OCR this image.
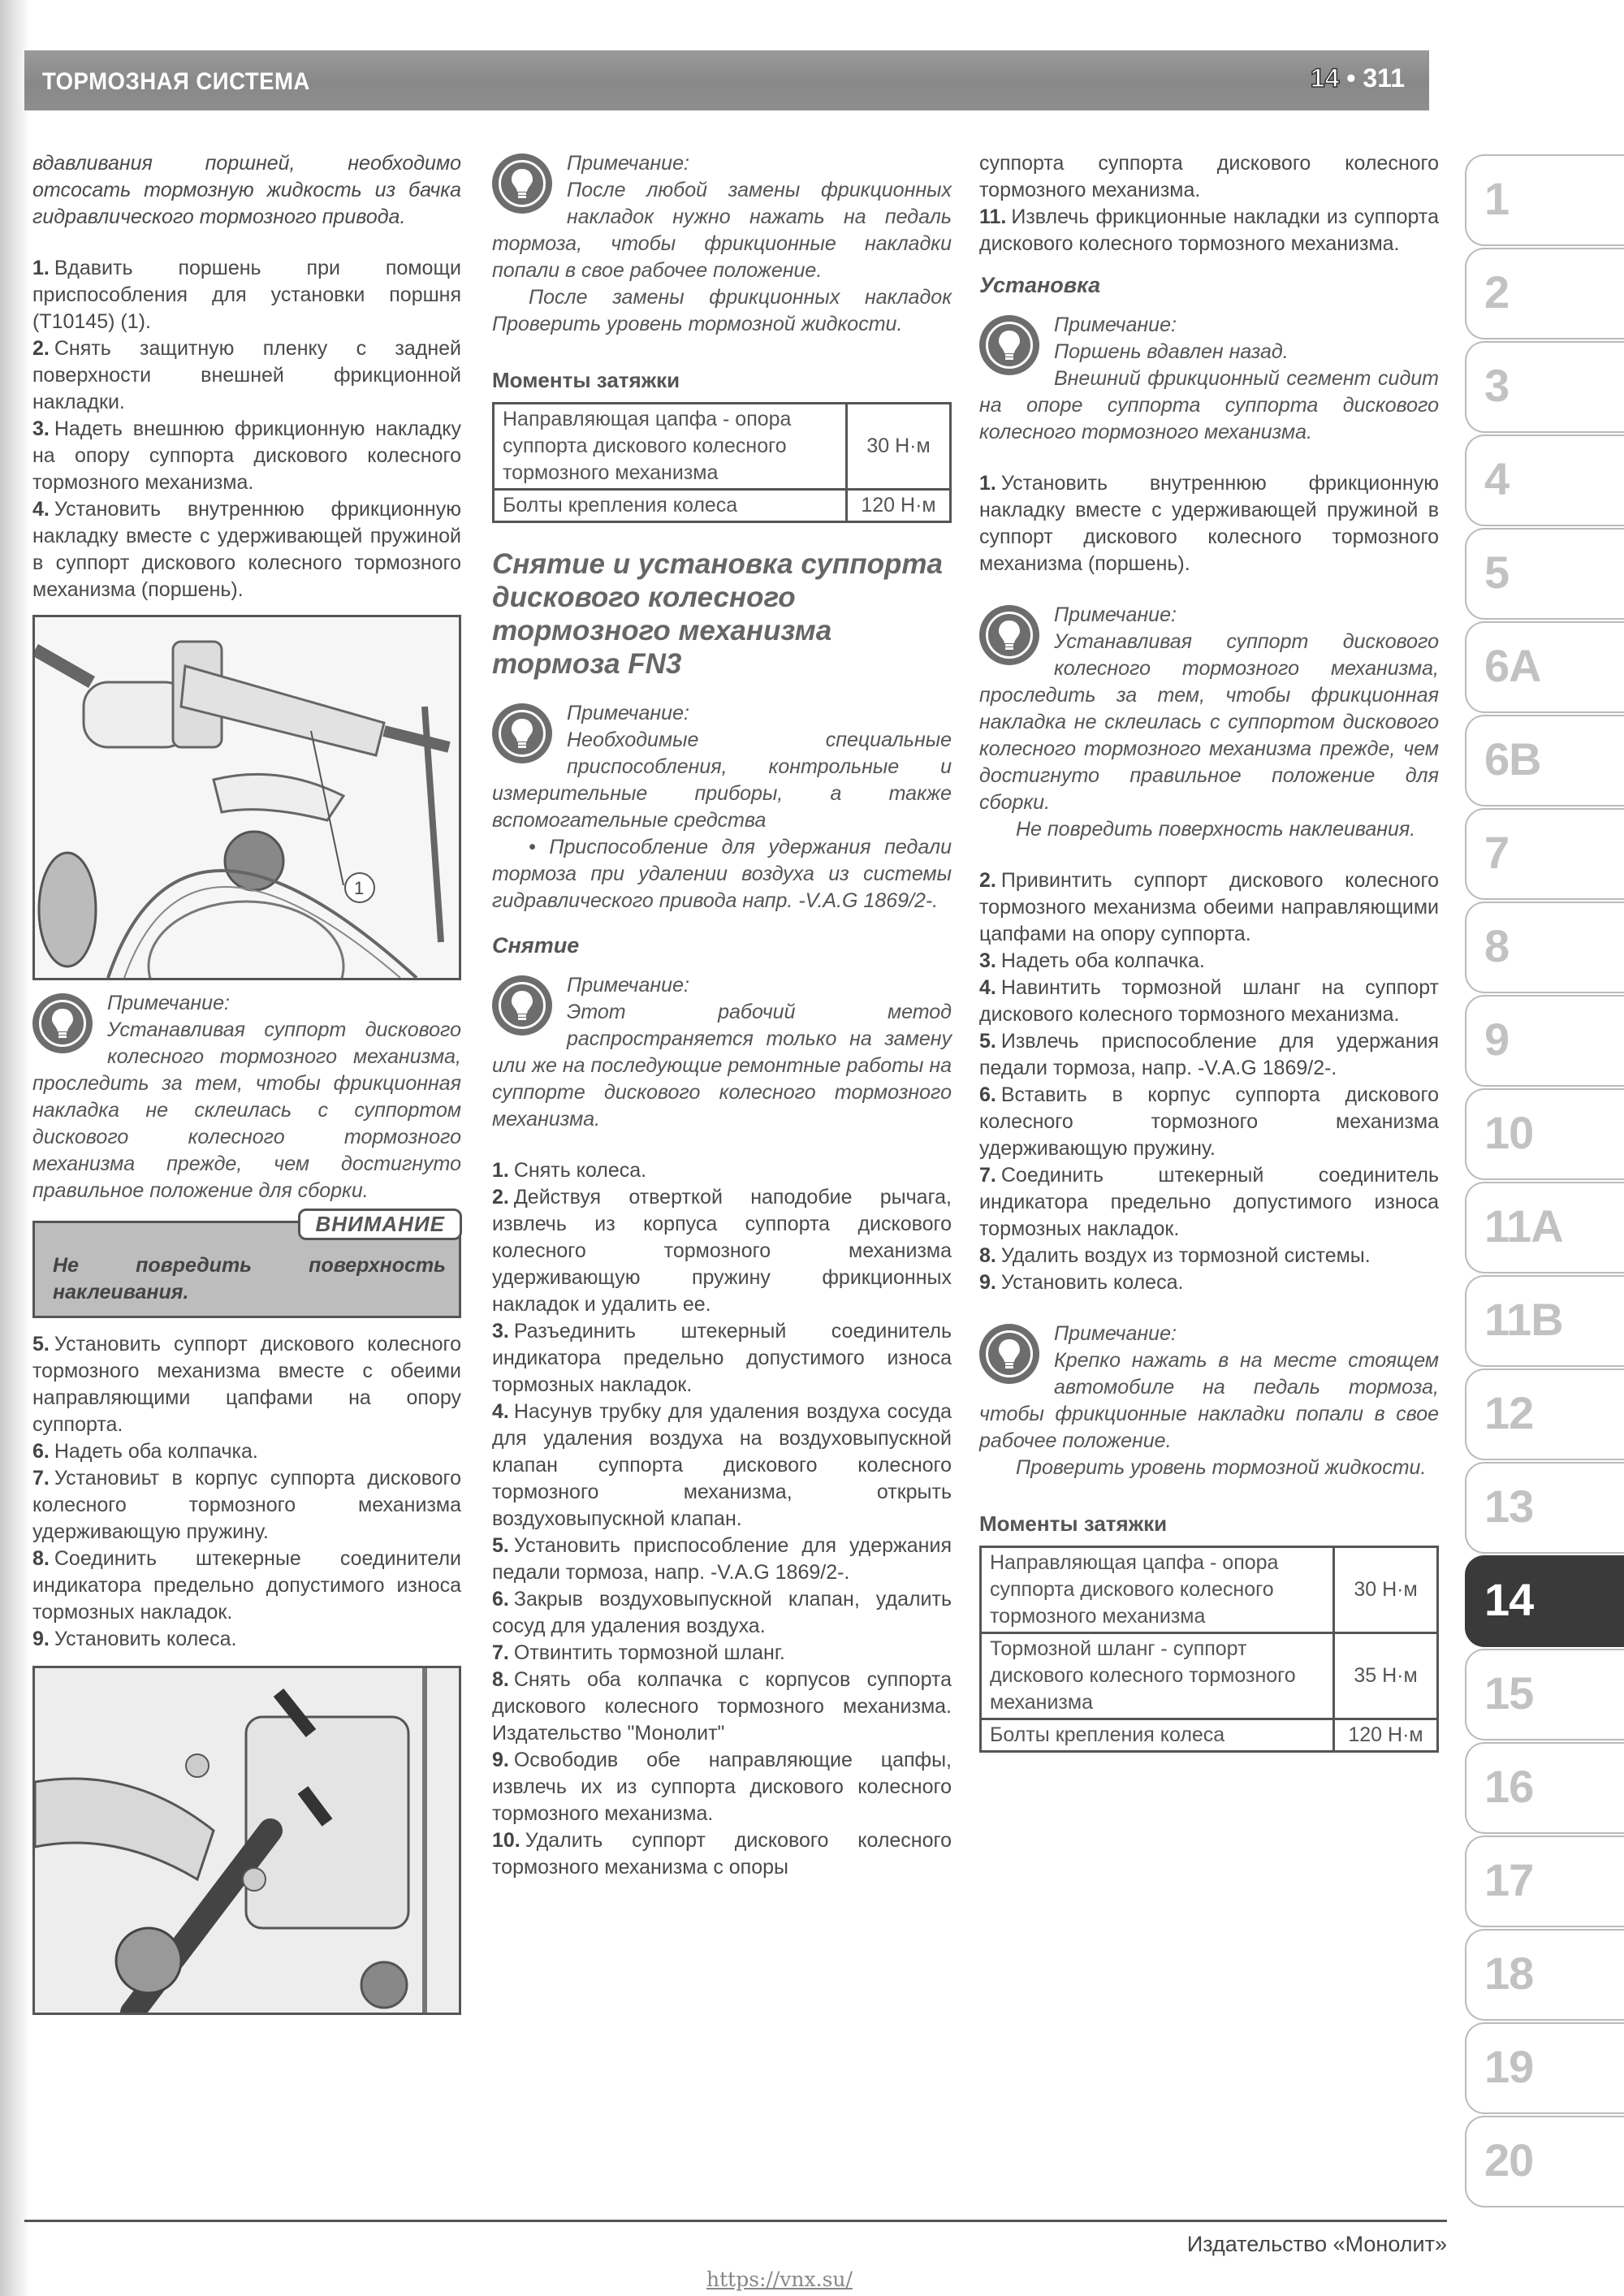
ТОРМОЗНАЯ СИСТЕМА	14 • 311

вдавливания поршней, необходимо отсосать тормозную жидкость из бачка гидравлического тормозного привода.

1. Вдавить поршень при помощи приспособления для установки поршня (T10145) (1).

2. Снять защитную пленку с задней поверхности внешней фрикционной накладки.

3. Надеть внешнюю фрикционную накладку на опору суппорта дискового колесного тормозного механизма.

4. Установить внутреннюю фрикционную накладку вместе с удерживающей пружиной в суппорт дискового колесного тормозного механизма (поршень).

1
Примечание:

Устанавливая суппорт дискового колесного тормозного механизма, проследить за тем, чтобы фрикционная накладка не склеилась с суппортом дискового колесного тормозного механизма прежде, чем достигнуто правильное положение для сборки.

ВНИМАНИЕ

Не повредить поверхность наклеивания.

5. Установить суппорт дискового колесного тормозного механизма вместе с обеими направляющими цапфами на опору суппорта.

6. Надеть оба колпачка.

7. Установиьт в корпус суппорта дискового колесного тормозного механизма удерживающую пружину.

8. Соединить штекерные соединители индикатора предельно допустимого износа тормозных накладок.

9. Установить колеса.

Примечание:

После любой замены фрикционных накладок нужно нажать на педаль тормоза, чтобы фрикционные накладки попали в свое рабочее положение.

После замены фрикционных накладок Проверить уровень тормозной жидкости.

Моменты затяжки
Направляющая цапфа - опора суппорта дискового колесного тормозного механизма	30 Н·м
Болты крепления колеса	120 Н·м
Снятие и установка суппорта дискового колесного тормозного механизма тормоза FN3
Примечание:

Необходимые специальные приспособления, контрольные и измерительные приборы, а также вспомогательные средства

• Приспособление для удержания педали тормоза при удалении воздуха из системы гидравлического привода напр. -V.A.G 1869/2-.

Снятие
Примечание:

Этот рабочий метод распространяется только на замену или же на последующие ремонтные работы на суппорте дискового колесного тормозного механизма.

1. Снять колеса.

2. Действуя отверткой наподобие рычага, извлечь из корпуса суппорта дискового колесного тормозного механизма удерживающую пружину фрикционных накладок и удалить ее.

3. Разъединить штекерный соединитель индикатора предельно допустимого износа тормозных накладок.

4. Насунув трубку для удаления воздуха сосуда для удаления воздуха на воздуховыпускной клапан суппорта дискового колесного тормозного механизма, открыть воздуховыпускной клапан.

5. Установить приспособление для удержания педали тормоза, напр. -V.A.G 1869/2-.

6. Закрыв воздуховыпускной клапан, удалить сосуд для удаления воздуха.

7. Отвинтить тормозной шланг.

8. Снять оба колпачка с корпусов суппорта дискового колесного тормозного механизма. Издательство "Монолит"

9. Освободив обе направляющие цапфы, извлечь их из суппорта дискового колесного тормозного механизма.

10. Удалить суппорт дискового колесного тормозного механизма с опоры

суппорта суппорта дискового колесного тормозного механизма.

11. Извлечь фрикционные накладки из суппорта дискового колесного тормозного механизма.

Установка
Примечание:
Поршень вдавлен назад.

Внешний фрикционный сегмент сидит на опоре суппорта суппорта дискового колесного тормозного механизма.

1. Установить внутреннюю фрикционную накладку вместе с удерживающей пружиной в суппорт дискового колесного тормозного механизма (поршень).

Примечание:

Устанавливая суппорт дискового колесного тормозного механизма, проследить за тем, чтобы фрикционная накладка не склеилась с суппортом дискового колесного тормозного механизма прежде, чем достигнуто правильное положение для сборки.

Не повредить поверхность наклеивания.

2. Привинтить суппорт дискового колесного тормозного механизма обеими направляющими цапфами на опору суппорта.

3. Надеть оба колпачка.

4. Навинтить тормозной шланг на суппорт дискового колесного тормозного механизма.

5. Извлечь приспособление для удержания педали тормоза, напр. -V.A.G 1869/2-.

6. Вставить в корпус суппорта дискового колесного тормозного механизма удерживающую пружину.

7. Соединить штекерный соединитель индикатора предельно допустимого износа тормозных накладок.

8. Удалить воздух из тормозной системы.

9. Установить колеса.

Примечание:

Крепко нажать в на месте стоящем автомобиле на педаль тормоза, чтобы фрикционные накладки попали в свое рабочее положение.

Проверить уровень тормозной жидкости.

Моменты затяжки
Направляющая цапфа - опора суппорта дискового колесного тормозного механизма	30 Н·м
Тормозной шланг - суппорт дискового колесного тормозного механизма	35 Н·м
Болты крепления колеса	120 Н·м
1
2
3
4
5
6A
6B
7
8
9
10
11A
11B
12
13
14
15
16
17
18
19
20
Издательство «Монолит»
https://vnx.su/
